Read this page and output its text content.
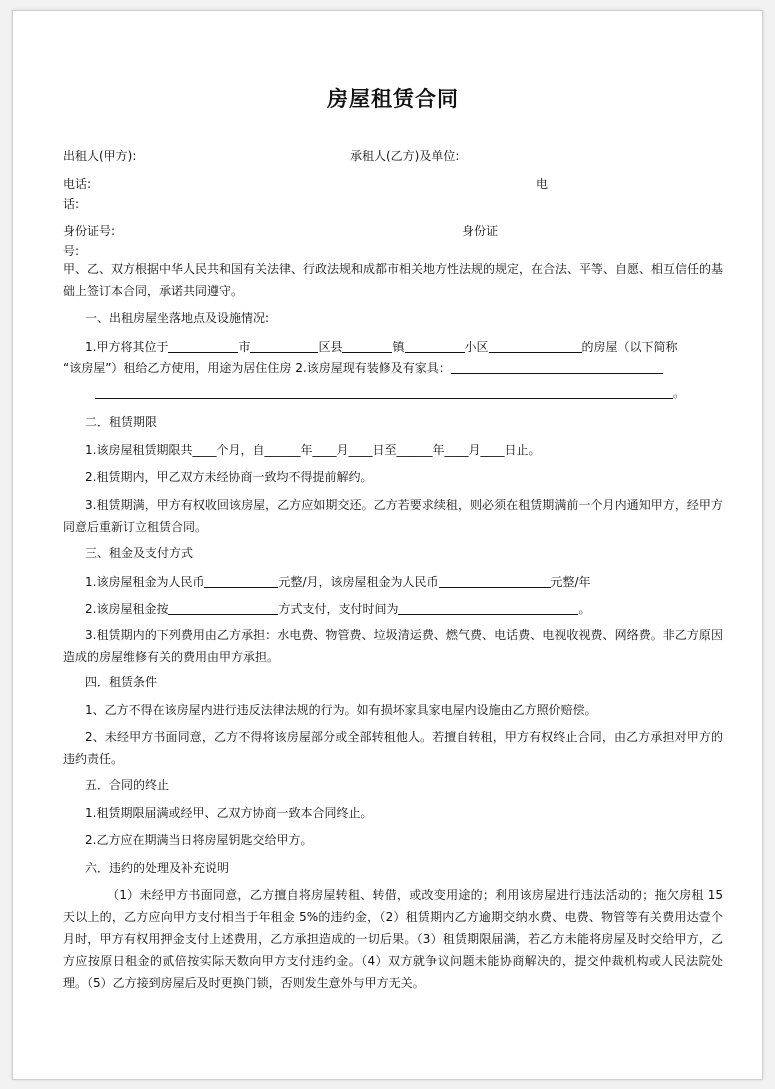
房屋租赁合同
出租人(甲方):	承租人(乙方)及单位:
电话:	电
话:
身份证号:	身份证
号:
甲、乙、双方根据中华人民共和国有关法律、行政法规和成都市相关地方性法规的规定，在合法、平等、自愿、相互信任的基础上签订本合同，承诺共同遵守。
一、出租房屋坐落地点及设施情况:
1.甲方将其位于	市	区县	镇	小区	的房屋（以下简称
“该房屋”）租给乙方使用，用途为居住住房 2.该房屋现有装修及有家具：
。
二．租赁期限
1.该房屋租赁期限共____个月，自______年____月____日至______年____月____日止。
2.租赁期内，甲乙双方未经协商一致均不得提前解约。
3.租赁期满，甲方有权收回该房屋，乙方应如期交还。乙方若要求续租，则必须在租赁期满前一个月内通知甲方，经甲方同意后重新订立租赁合同。
三、租金及支付方式
1.该房屋租金为人民币	元整/月，该房屋租金为人民币	元整/年
2.该房屋租金按	方式支付，支付时间为	。
3.租赁期内的下列费用由乙方承担：水电费、物管费、垃圾清运费、燃气费、电话费、电视收视费、网络费。非乙方原因造成的房屋维修有关的费用由甲方承担。
四．租赁条件
1、乙方不得在该房屋内进行违反法律法规的行为。如有损坏家具家电屋内设施由乙方照价赔偿。
2、未经甲方书面同意，乙方不得将该房屋部分或全部转租他人。若擅自转租，甲方有权终止合同，由乙方承担对甲方的违约责任。
五．合同的终止
1.租赁期限届满或经甲、乙双方协商一致本合同终止。
2.乙方应在期满当日将房屋钥匙交给甲方。
六．违约的处理及补充说明
（1）未经甲方书面同意，乙方擅自将房屋转租、转借，或改变用途的；利用该房屋进行违法活动的；拖欠房租 15 天以上的，乙方应向甲方支付相当于年租金 5%的违约金，（2）租赁期内乙方逾期交纳水费、电费、物管等有关费用达壹个月时，甲方有权用押金支付上述费用，乙方承担造成的一切后果。（3）租赁期限届满，若乙方未能将房屋及时交给甲方，乙方应按原日租金的贰倍按实际天数向甲方支付违约金。（4）双方就争议问题未能协商解决的，提交仲裁机构或人民法院处理。（5）乙方接到房屋后及时更换门锁，否则发生意外与甲方无关。
